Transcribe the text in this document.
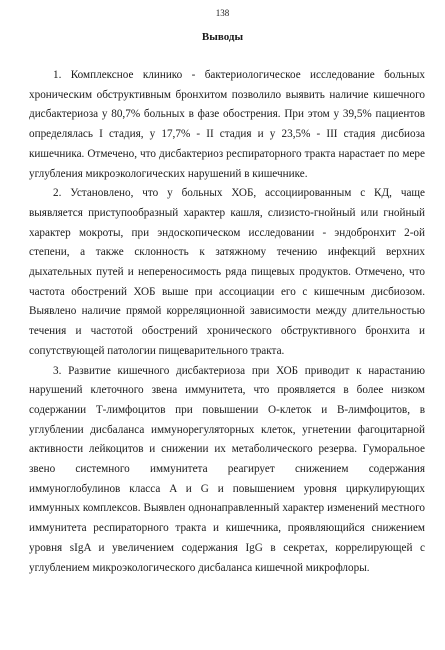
138
Выводы

1. Комплексное клинико - бактериологическое исследование больных хроническим обструктивным бронхитом позволило выявить наличие кишечного дисбактериоза у 80,7% больных в фазе обострения. При этом у 39,5% пациентов определялась I стадия, у 17,7% - II стадия и у 23,5% - III стадия дисбиоза кишечника. Отмечено, что дисбактериоз респираторного тракта нарастает по мере углубления микроэкологических нарушений в кишечнике.

2. Установлено, что у больных ХОБ, ассоциированным с КД, чаще выявляется приступообразный характер кашля, слизисто-гнойный или гнойный характер мокроты, при эндоскопическом исследовании - эндобронхит 2-ой степени, а также склонность к затяжному течению инфекций верхних дыхательных путей и непереносимость ряда пищевых продуктов. Отмечено, что частота обострений ХОБ выше при ассоциации его с кишечным дисбиозом. Выявлено наличие прямой корреляционной зависимости между длительностью течения и частотой обострений хронического обструктивного бронхита и сопутствующей патологии пищеварительного тракта.

3. Развитие кишечного дисбактериоза при ХОБ приводит к нарастанию нарушений клеточного звена иммунитета, что проявляется в более низком содержании Т-лимфоцитов при повышении О-клеток и В-лимфоцитов, в углублении дисбаланса иммунорегуляторных клеток, угнетении фагоцитарной активности лейкоцитов и снижении их метаболического резерва. Гуморальное звено системного иммунитета реагирует снижением содержания иммуноглобулинов класса A и G и повышением уровня циркулирующих иммунных комплексов. Выявлен однонаправленный характер изменений местного иммунитета респираторного тракта и кишечника, проявляющийся снижением уровня sIgA и увеличением содержания IgG в секретах, коррелирующей с углублением микроэкологического дисбаланса кишечной микрофлоры.
